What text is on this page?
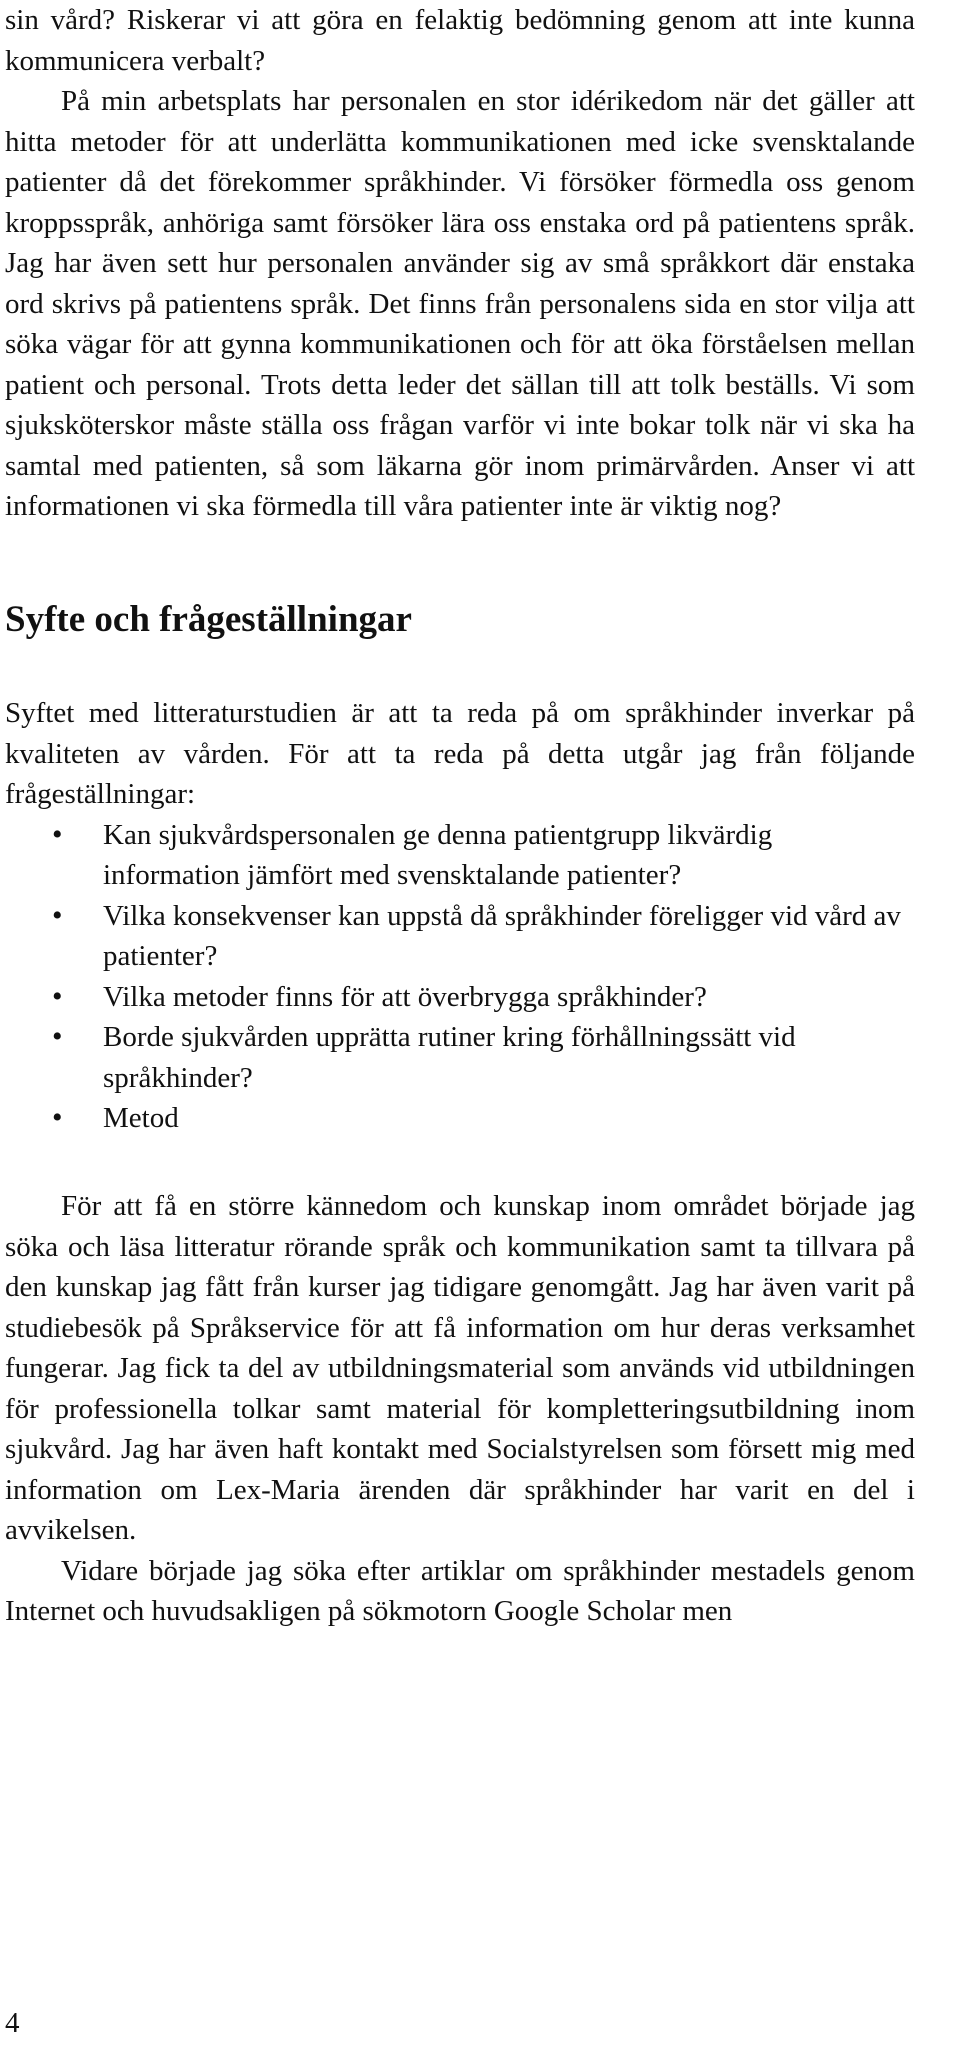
sin vård? Riskerar vi att göra en felaktig bedömning genom att inte kunna kommunicera verbalt?

På min arbetsplats har personalen en stor idérikedom när det gäller att hitta metoder för att underlätta kommunikationen med icke svensktalande patienter då det förekommer språkhinder. Vi försöker förmedla oss genom kroppsspråk, anhöriga samt försöker lära oss enstaka ord på patientens språk. Jag har även sett hur personalen använder sig av små språkkort där enstaka ord skrivs på patientens språk. Det finns från personalens sida en stor vilja att söka vägar för att gynna kommunikationen och för att öka förståelsen mellan patient och personal. Trots detta leder det sällan till att tolk beställs. Vi som sjuksköterskor måste ställa oss frågan varför vi inte bokar tolk när vi ska ha samtal med patienten, så som läkarna gör inom primärvården. Anser vi att informationen vi ska förmedla till våra patienter inte är viktig nog?

Syfte och frågeställningar

Syftet med litteraturstudien är att ta reda på om språkhinder inverkar på kvaliteten av vården. För att ta reda på detta utgår jag från följande frågeställningar:

• Kan sjukvårdspersonalen ge denna patientgrupp likvärdig information jämfört med svensktalande patienter?
• Vilka konsekvenser kan uppstå då språkhinder föreligger vid vård av patienter?
• Vilka metoder finns för att överbrygga språkhinder?
• Borde sjukvården upprätta rutiner kring förhållningssätt vid språkhinder?
• Metod

För att få en större kännedom och kunskap inom området började jag söka och läsa litteratur rörande språk och kommunikation samt ta tillvara på den kunskap jag fått från kurser jag tidigare genomgått. Jag har även varit på studiebesök på Språkservice för att få information om hur deras verksamhet fungerar. Jag fick ta del av utbildningsmaterial som används vid utbildningen för professionella tolkar samt material för kompletteringsutbildning inom sjukvård. Jag har även haft kontakt med Socialstyrelsen som försett mig med information om Lex-Maria ärenden där språkhinder har varit en del i avvikelsen.

Vidare började jag söka efter artiklar om språkhinder mestadels genom Internet och huvudsakligen på sökmotorn Google Scholar men

4
